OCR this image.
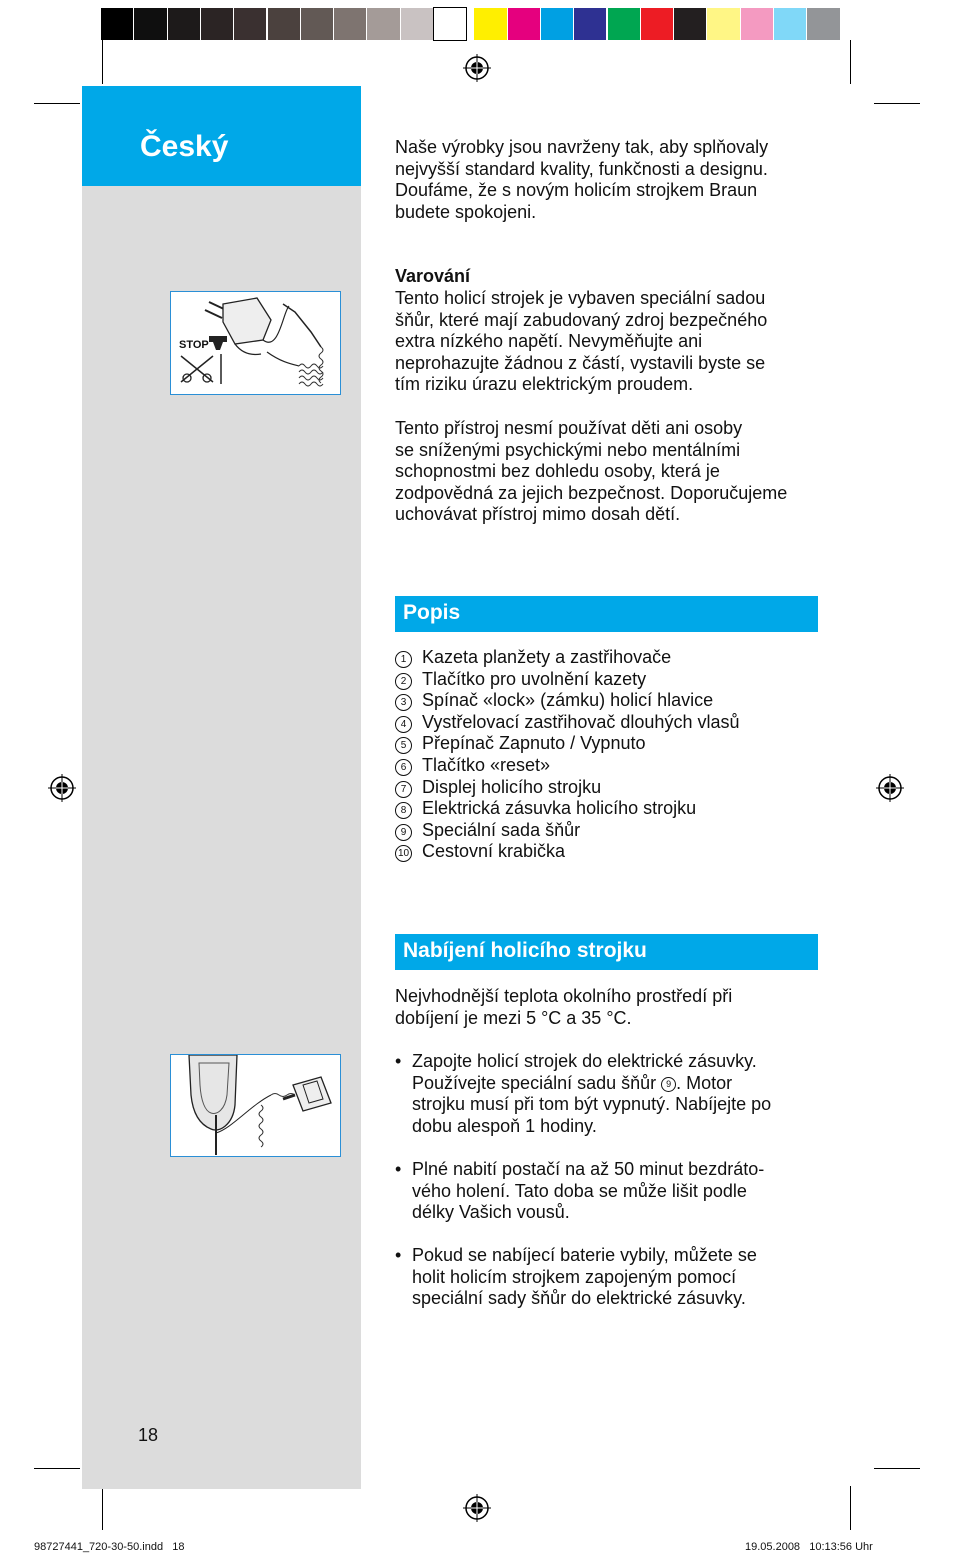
Český
18
STOP
Naše výrobky jsou navrženy tak, aby splňovaly
nejvyšší standard kvality, funkčnosti a designu.
Doufáme, že s novým holicím strojkem Braun
budete spokojeni.
Varování
Tento holicí strojek je vybaven speciální sadou
šňůr, které mají zabudovaný zdroj bezpečného
extra nízkého napětí. Nevyměňujte ani
neprohazujte žádnou z částí, vystavili byste se
tím riziku úrazu elektrickým proudem.
Tento přístroj nesmí používat děti ani osoby
se sníženými psychickými nebo mentálními
schopnostmi bez dohledu osoby, která je
zodpovědná za jejich bezpečnost. Doporučujeme
uchovávat přístroj mimo dosah dětí.
Popis
1 Kazeta planžety a zastřihovače
2 Tlačítko pro uvolnění kazety
3 Spínač «lock» (zámku) holicí hlavice
4 Vystřelovací zastřihovač dlouhých vlasů
5 Přepínač Zapnuto / Vypnuto
6 Tlačítko «reset»
7 Displej holicího strojku
8 Elektrická zásuvka holicího strojku
9 Speciální sada šňůr
10 Cestovní krabička
Nabíjení holicího strojku
Nejvhodnější teplota okolního prostředí při
dobíjení je mezi 5 °C a 35 °C.
• Zapojte holicí strojek do elektrické zásuvky.
Používejte speciální sadu šňůr 9 . Motor
strojku musí při tom být vypnutý. Nabíjejte po
dobu alespoň 1 hodiny.
• Plné nabití postačí na až 50 minut bezdráto-
vého holení. Tato doba se může lišit podle
délky Vašich vousů.
• Pokud se nabíjecí baterie vybily, můžete se
holit holicím strojkem zapojeným pomocí
speciální sady šňůr do elektrické zásuvky.
98727441_720-30-50.indd   18	19.05.2008   10:13:56 Uhr
